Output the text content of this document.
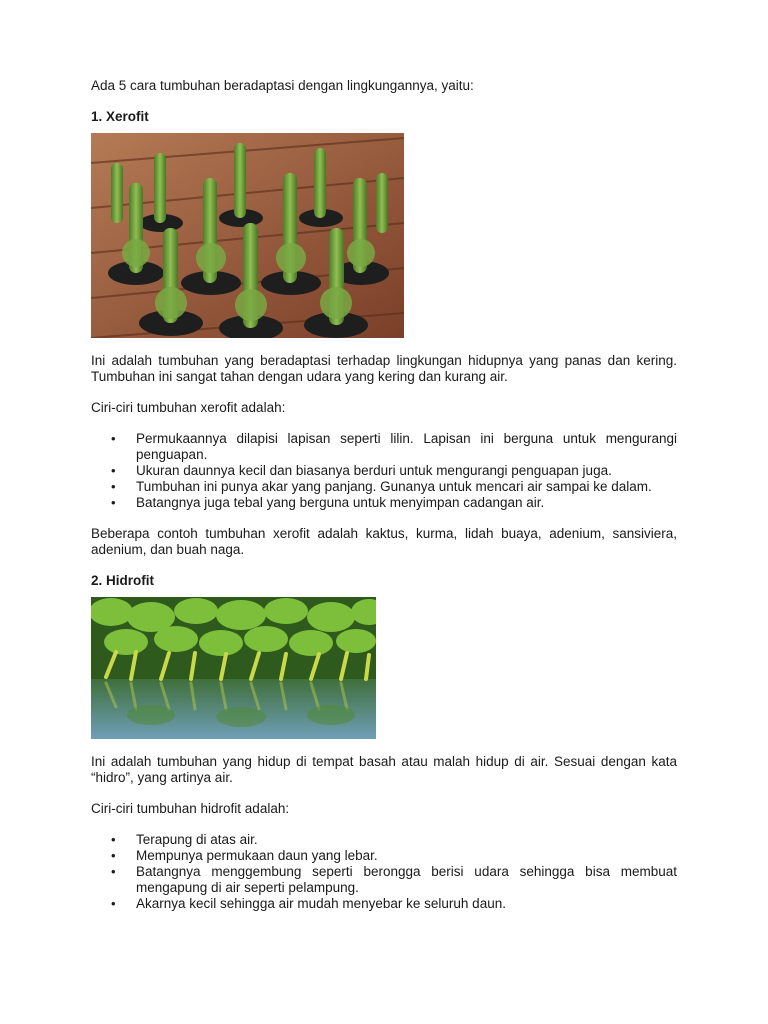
Ada 5 cara tumbuhan beradaptasi dengan lingkungannya, yaitu:

1. Xerofit

Ini adalah tumbuhan yang beradaptasi terhadap lingkungan hidupnya yang panas dan kering. Tumbuhan ini sangat tahan dengan udara yang kering dan kurang air.

Ciri-ciri tumbuhan xerofit adalah:

• Permukaannya dilapisi lapisan seperti lilin. Lapisan ini berguna untuk mengurangi penguapan.
• Ukuran daunnya kecil dan biasanya berduri untuk mengurangi penguapan juga.
• Tumbuhan ini punya akar yang panjang. Gunanya untuk mencari air sampai ke dalam.
• Batangnya juga tebal yang berguna untuk menyimpan cadangan air.

Beberapa contoh tumbuhan xerofit adalah kaktus, kurma, lidah buaya, adenium, sansiviera, adenium, dan buah naga.

2. Hidrofit

Ini adalah tumbuhan yang hidup di tempat basah atau malah hidup di air. Sesuai dengan kata “hidro”, yang artinya air.

Ciri-ciri tumbuhan hidrofit adalah:

• Terapung di atas air.
• Mempunya permukaan daun yang lebar.
• Batangnya menggembung seperti berongga berisi udara sehingga bisa membuat mengapung di air seperti pelampung.
• Akarnya kecil sehingga air mudah menyebar ke seluruh daun.
